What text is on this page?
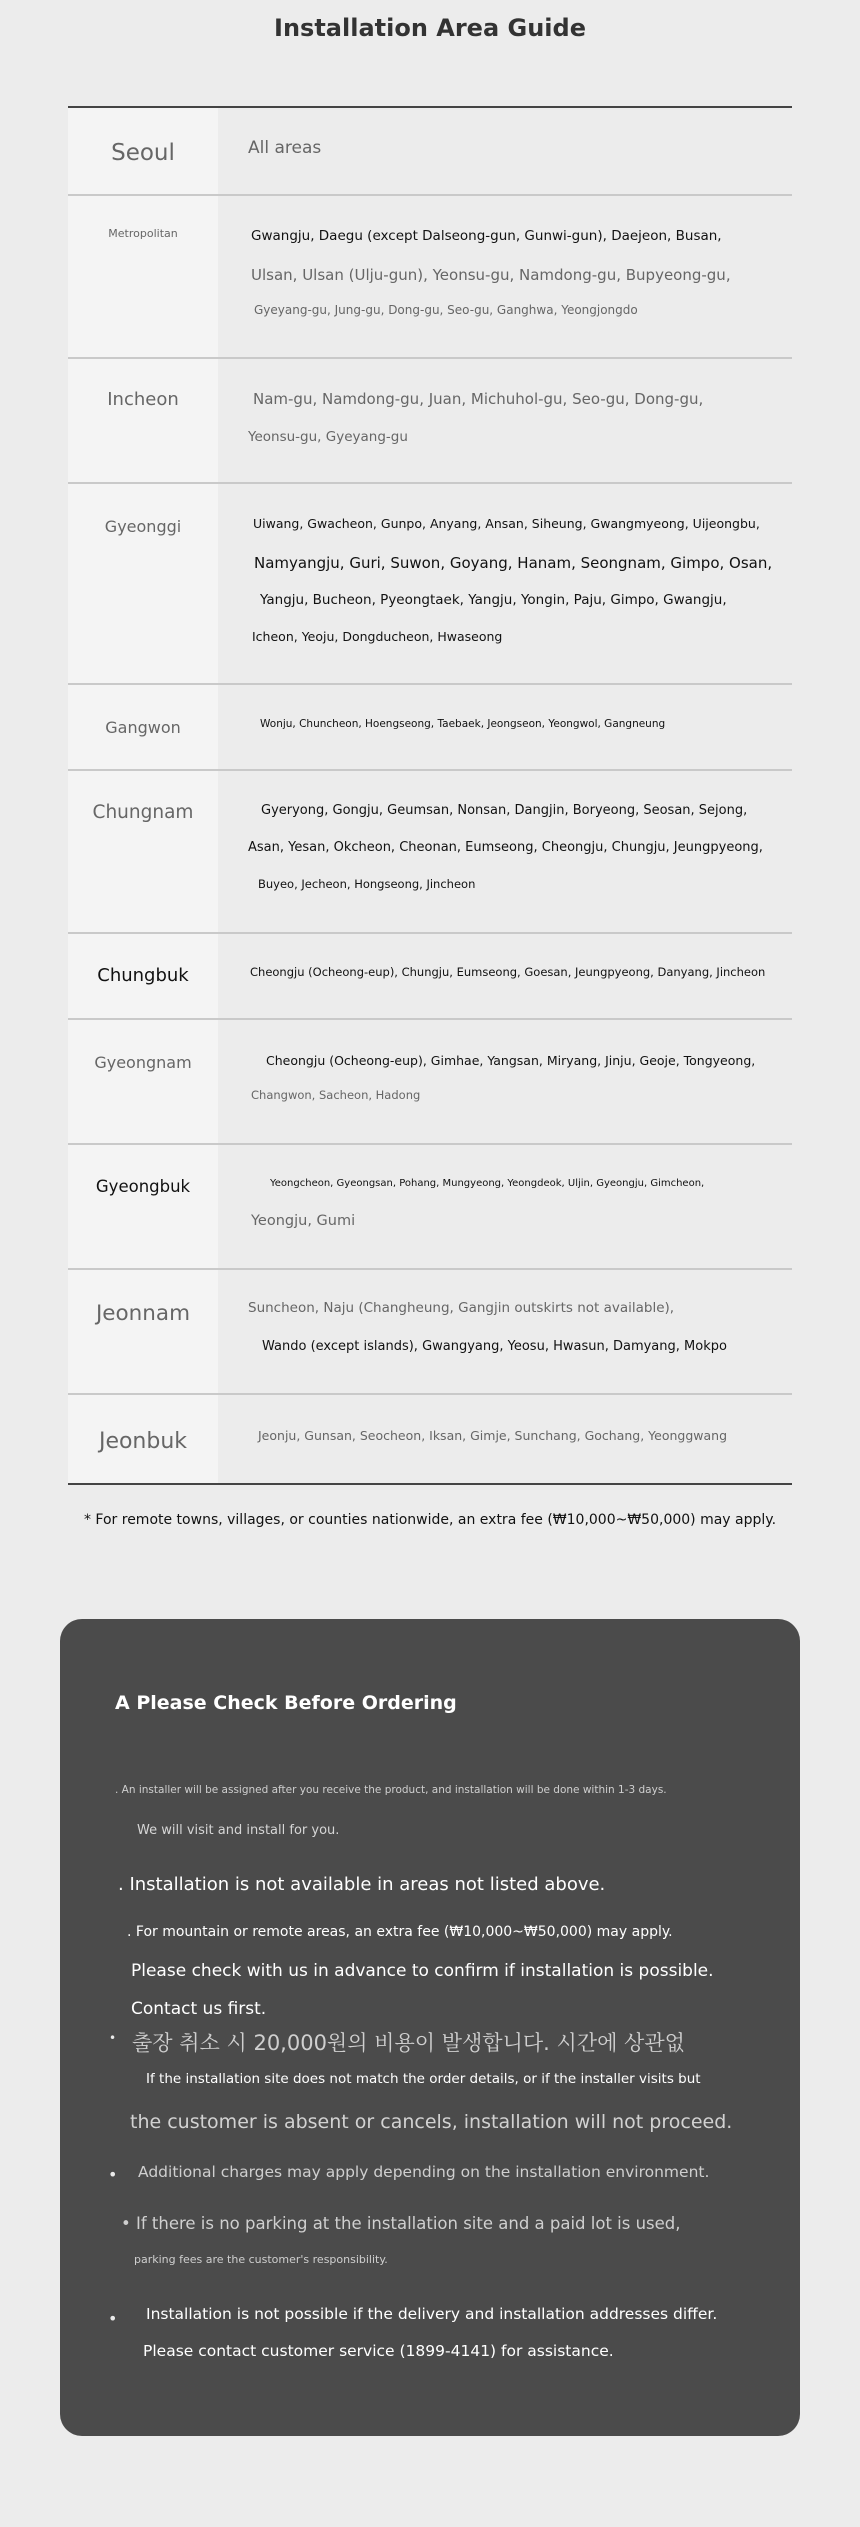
Installation Area Guide
Seoul	All areas
Metropolitan	Gwangju, Daegu (except Dalseong-gun, Gunwi-gun), Daejeon, Busan,
Ulsan, Ulsan (Ulju-gun), Yeonsu-gu, Namdong-gu, Bupyeong-gu,
Gyeyang-gu, Jung-gu, Dong-gu, Seo-gu, Ganghwa, Yeongjongdo
Incheon	Nam-gu, Namdong-gu, Juan, Michuhol-gu, Seo-gu, Dong-gu,
Yeonsu-gu, Gyeyang-gu
Gyeonggi	Uiwang, Gwacheon, Gunpo, Anyang, Ansan, Siheung, Gwangmyeong, Uijeongbu,
Namyangju, Guri, Suwon, Goyang, Hanam, Seongnam, Gimpo, Osan,
Yangju, Bucheon, Pyeongtaek, Yangju, Yongin, Paju, Gimpo, Gwangju,
Icheon, Yeoju, Dongducheon, Hwaseong
Gangwon	Wonju, Chuncheon, Hoengseong, Taebaek, Jeongseon, Yeongwol, Gangneung
Chungnam	Gyeryong, Gongju, Geumsan, Nonsan, Dangjin, Boryeong, Seosan, Sejong,
Asan, Yesan, Okcheon, Cheonan, Eumseong, Cheongju, Chungju, Jeungpyeong,
Buyeo, Jecheon, Hongseong, Jincheon
Chungbuk	Cheongju (Ocheong-eup), Chungju, Eumseong, Goesan, Jeungpyeong, Danyang, Jincheon
Gyeongnam	Cheongju (Ocheong-eup), Gimhae, Yangsan, Miryang, Jinju, Geoje, Tongyeong,
Changwon, Sacheon, Hadong
Gyeongbuk	Yeongcheon, Gyeongsan, Pohang, Mungyeong, Yeongdeok, Uljin, Gyeongju, Gimcheon,
Yeongju, Gumi
Jeonnam	Suncheon, Naju (Changheung, Gangjin outskirts not available),
Wando (except islands), Gwangyang, Yeosu, Hwasun, Damyang, Mokpo
Jeonbuk	Jeonju, Gunsan, Seocheon, Iksan, Gimje, Sunchang, Gochang, Yeonggwang
* For remote towns, villages, or counties nationwide, an extra fee (₩10,000~₩50,000) may apply.
A Please Check Before Ordering
. An installer will be assigned after you receive the product, and installation will be done within 1-3 days.
We will visit and install for you.
. Installation is not available in areas not listed above.
. For mountain or remote areas, an extra fee (₩10,000~₩50,000) may apply.
Please check with us in advance to confirm if installation is possible.
Contact us first.
• 출장 취소 시 20,000원의 비용이 발생합니다. 시간에 상관없
If the installation site does not match the order details, or if the installer visits but
the customer is absent or cancels, installation will not proceed.
• Additional charges may apply depending on the installation environment.
• If there is no parking at the installation site and a paid lot is used,
parking fees are the customer's responsibility.
• Installation is not possible if the delivery and installation addresses differ.
Please contact customer service (1899-4141) for assistance.
